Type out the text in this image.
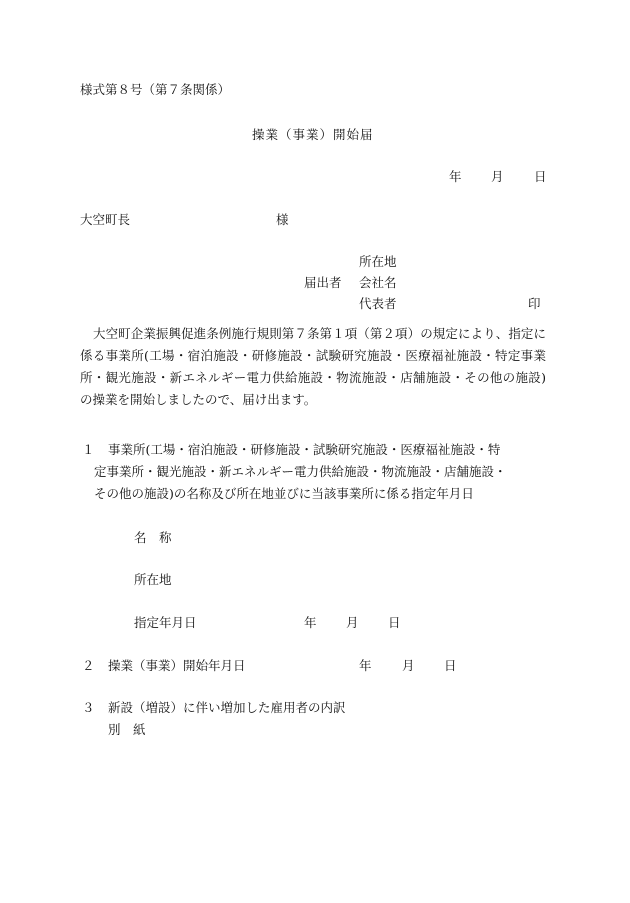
様式第８号（第７条関係）
操業（事業）開始届
年 月 日
大空町長	様
所在地
届出者 会社名
代表者	印
大空町企業振興促進条例施行規則第７条第１項（第２項）の規定により、指定に係る事業所(工場・宿泊施設・研修施設・試験研究施設・医療福祉施設・特定事業所・観光施設・新エネルギー電力供給施設・物流施設・店舗施設・その他の施設)の操業を開始しましたので、届け出ます。
１ 事業所(工場・宿泊施設・研修施設・試験研究施設・医療福祉施設・特
定事業所・観光施設・新エネルギー電力供給施設・物流施設・店舗施設・
その他の施設)の名称及び所在地並びに当該事業所に係る指定年月日
名　称
所在地
指定年月日	年 月 日
２ 操業（事業）開始年月日	年 月 日
３ 新設（増設）に伴い増加した雇用者の内訳
別　紙
